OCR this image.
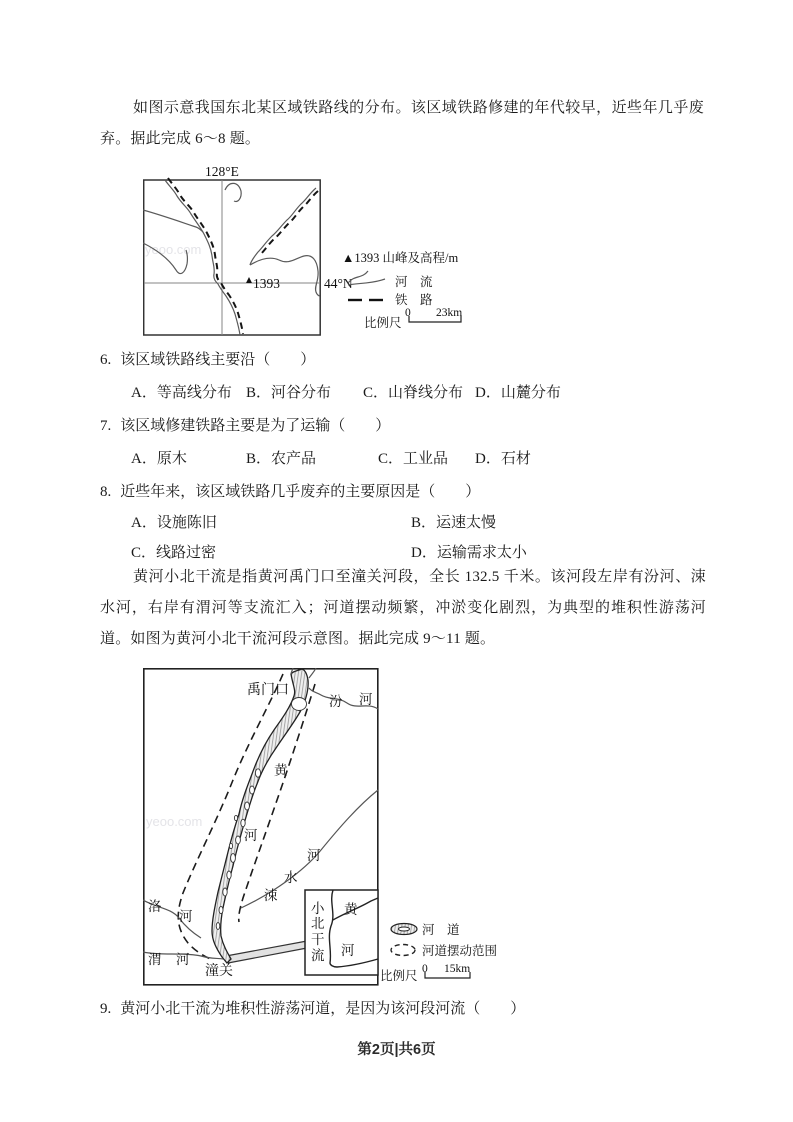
如图示意我国东北某区域铁路线的分布。该区域铁路修建的年代较早，近些年几乎废弃。据此完成 6～8 题。
yeoo.com
128°E
44°N
1393
▲1393 山峰及高程/m
河　流
铁　路
比例尺
0 23km
6. 该区域铁路线主要沿（　　）
A．等高线分布 B．河谷分布 C．山脊线分布 D．山麓分布
7. 该区域修建铁路主要是为了运输（　　）
A．原木	B．农产品	C．工业品 D．石材
8. 近些年来，该区域铁路几乎废弃的主要原因是（　　）
A．设施陈旧	B．运速太慢
C．线路过密	D．运输需求太小
黄河小北干流是指黄河禹门口至潼关河段，全长 132.5 千米。该河段左岸有汾河、涑水河，右岸有渭河等支流汇入；河道摆动频繁，冲淤变化剧烈，为典型的堆积性游荡河道。如图为黄河小北干流河段示意图。据此完成 9～11 题。
yeoo.com
禹门口
汾 河
黄
河
涑
水
河
洛
河
渭 河
潼关
小
北
干
流
黄
河
河　道
河道摆动范围
比例尺 0 15km
9. 黄河小北干流为堆积性游荡河道，是因为该河段河流（　　）
第2页|共6页
